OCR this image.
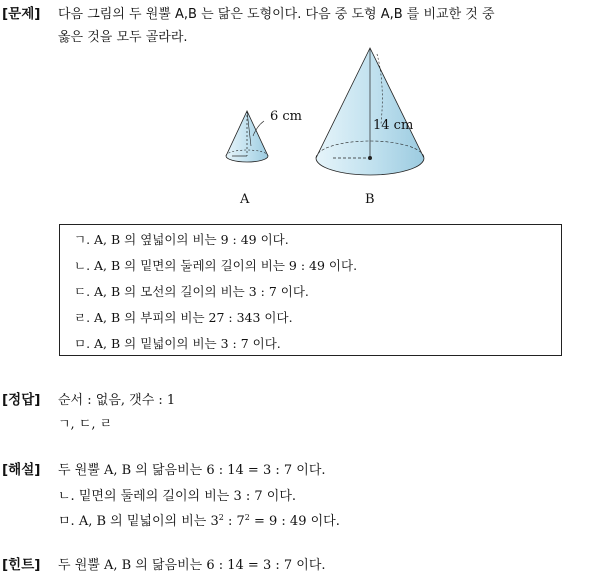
[문제] 다음 그림의 두 원뿔 A,B 는 닮은 도형이다. 다음 중 도형 A,B 를 비교한 것 중
옳은 것을 모두 골라라.
6 cm
14 cm
A	B
ㄱ. A, B 의 옆넓이의 비는 9 : 49 이다.
ㄴ. A, B 의 밑면의 둘레의 길이의 비는 9 : 49 이다.
ㄷ. A, B 의 모선의 길이의 비는 3 : 7 이다.
ㄹ. A, B 의 부피의 비는 27 : 343 이다.
ㅁ. A, B 의 밑넓이의 비는 3 : 7 이다.
[정답] 순서 : 없음, 갯수 : 1
ㄱ, ㄷ, ㄹ
[해설] 두 원뿔 A, B 의 닮음비는 6 : 14 = 3 : 7 이다.
ㄴ. 밑면의 둘레의 길이의 비는 3 : 7 이다.
ㅁ. A, B 의 밑넓이의 비는 $3^2$ : $7^2 = 9$ : 49 이다.
[힌트] 두 원뿔 A, B 의 닮음비는 6 : 14 = 3 : 7 이다.
